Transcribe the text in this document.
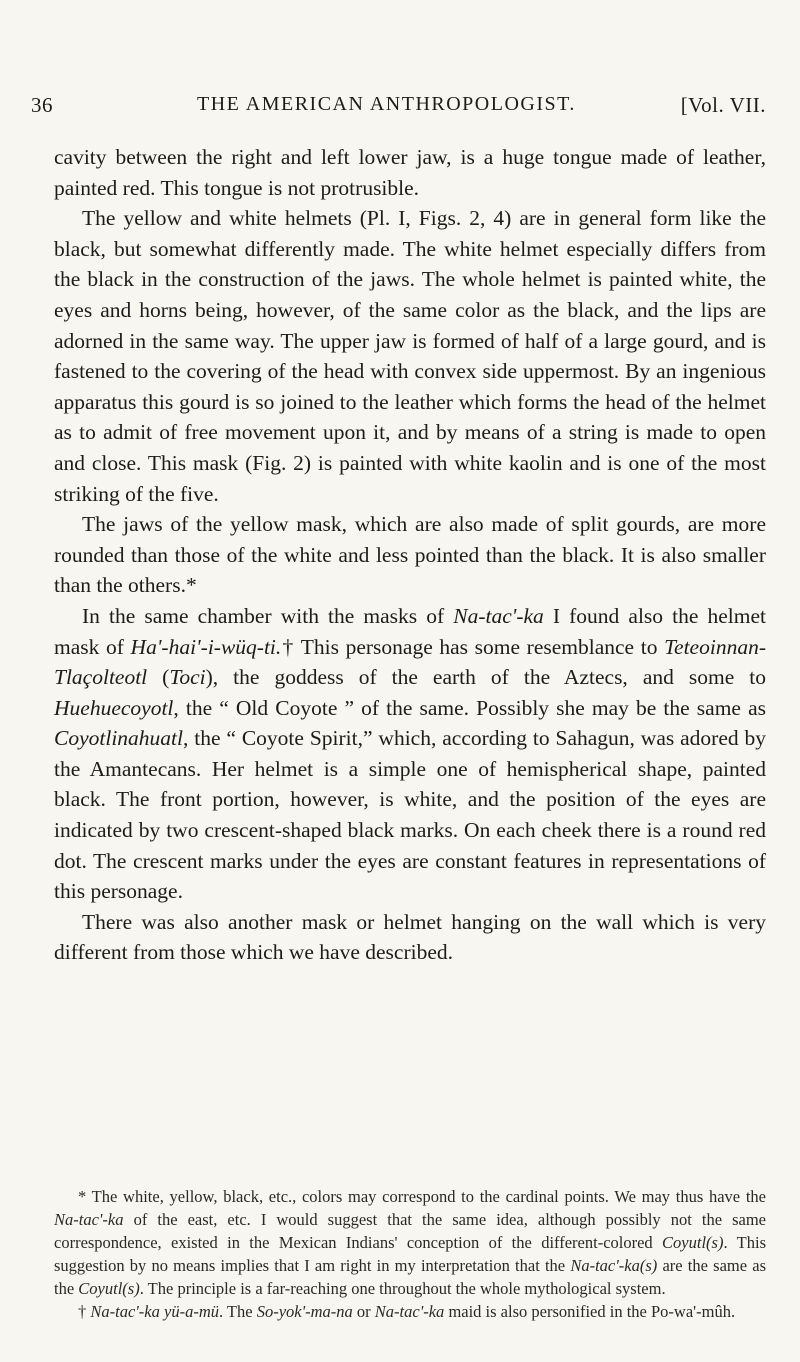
36	THE AMERICAN ANTHROPOLOGIST.	[Vol. VII.

cavity between the right and left lower jaw, is a huge tongue made of leather, painted red. This tongue is not protrusible.

The yellow and white helmets (Pl. I, Figs. 2, 4) are in general form like the black, but somewhat differently made. The white helmet especially differs from the black in the construction of the jaws. The whole helmet is painted white, the eyes and horns being, however, of the same color as the black, and the lips are adorned in the same way. The upper jaw is formed of half of a large gourd, and is fastened to the covering of the head with convex side uppermost. By an ingenious apparatus this gourd is so joined to the leather which forms the head of the helmet as to admit of free movement upon it, and by means of a string is made to open and close. This mask (Fig. 2) is painted with white kaolin and is one of the most striking of the five.

The jaws of the yellow mask, which are also made of split gourds, are more rounded than those of the white and less pointed than the black. It is also smaller than the others.*

In the same chamber with the masks of Na-tac'-ka I found also the helmet mask of Ha'-hai'-i-wüq-ti.† This personage has some resemblance to Teteoinnan-Tlaçolteotl (Toci), the goddess of the earth of the Aztecs, and some to Huehuecoyotl, the “ Old Coyote ” of the same. Possibly she may be the same as Coyotlinahuatl, the “ Coyote Spirit,” which, according to Sahagun, was adored by the Amantecans. Her helmet is a simple one of hemispherical shape, painted black. The front portion, however, is white, and the position of the eyes are indicated by two crescent-shaped black marks. On each cheek there is a round red dot. The crescent marks under the eyes are constant features in representations of this personage.

There was also another mask or helmet hanging on the wall which is very different from those which we have described.

* The white, yellow, black, etc., colors may correspond to the cardinal points. We may thus have the Na-tac'-ka of the east, etc. I would suggest that the same idea, although possibly not the same correspondence, existed in the Mexican Indians' conception of the different-colored Coyutl(s). This suggestion by no means implies that I am right in my interpretation that the Na-tac'-ka(s) are the same as the Coyutl(s). The principle is a far-reaching one throughout the whole mythological system.

† Na-tac'-ka yü-a-mü. The So-yok'-ma-na or Na-tac'-ka maid is also personified in the Po-wa'-mûh.
